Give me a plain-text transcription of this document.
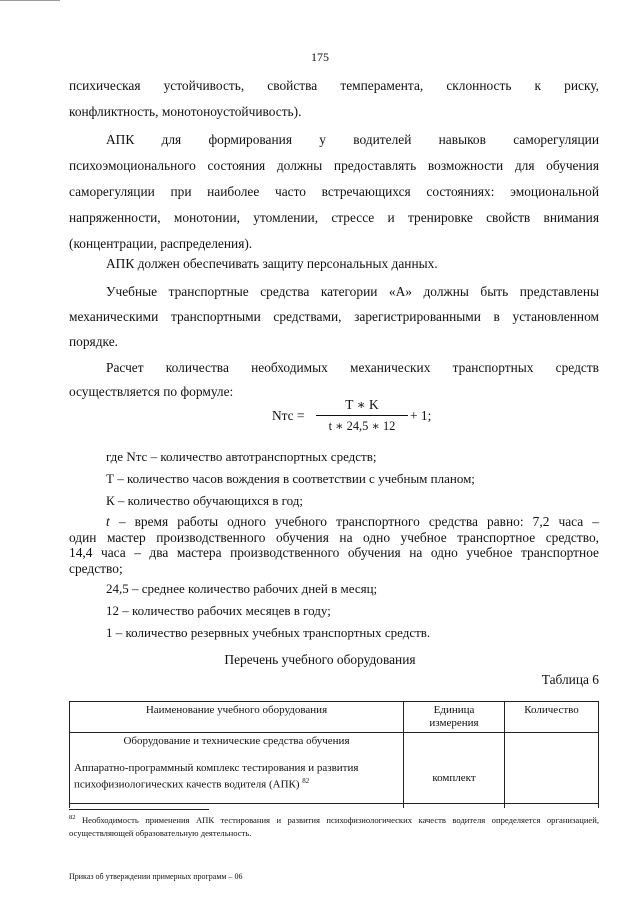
175

психическая устойчивость, свойства темперамента, склонность к риску,

конфликтность, монотоноустойчивость).

АПК для формирования у водителей навыков саморегуляции

психоэмоционального состояния должны предоставлять возможности для обучения

саморегуляции при наиболее часто встречающихся состояниях: эмоциональной

напряженности, монотонии, утомлении, стрессе и тренировке свойств внимания

(концентрации, распределения).

АПК должен обеспечивать защиту персональных данных.

Учебные транспортные средства категории «А» должны быть представлены

механическими транспортными средствами, зарегистрированными в установленном

порядке.

Расчет количества необходимых механических транспортных средств

осуществляется по формуле:

Nтс =
T ∗ K
t ∗ 24,5 ∗ 12
+ 1;

где Nтс – количество автотранспортных средств;

Т – количество часов вождения в соответствии с учебным планом;

К – количество обучающихся в год;

t – время работы одного учебного транспортного средства равно: 7,2 часа –

один мастер производственного обучения на одно учебное транспортное средство,

14,4 часа – два мастера производственного обучения на одно учебное транспортное

средство;

24,5 – среднее количество рабочих дней в месяц;

12 – количество рабочих месяцев в году;

1 – количество резервных учебных транспортных средств.

Перечень учебного оборудования
Таблица 6
Наименование учебного оборудования	Единица измерения	Количество

Оборудование и технические средства обучения
Аппаратно-программный комплекс тестирования и развития психофизиологических качеств водителя (АПК) $^{82}$	комплект	

$^{82}$ Необходимость применения АПК тестирования и развития психофизиологических качеств водителя определяется организацией, осуществляющей образовательную деятельность.
Приказ об утверждении примерных программ – 06
